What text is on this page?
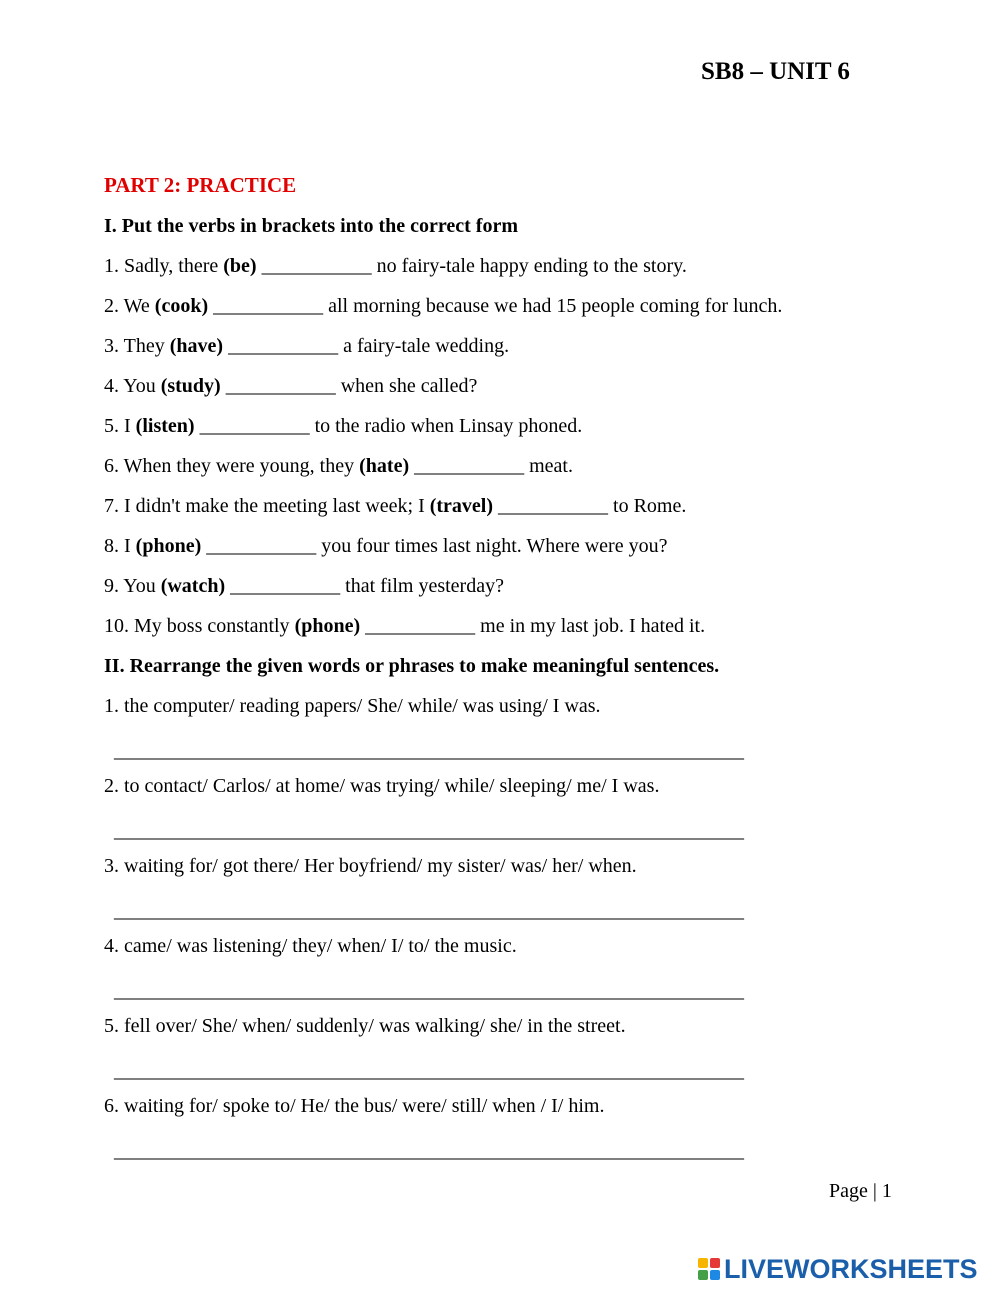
SB8 – UNIT 6
PART 2: PRACTICE
I. Put the verbs in brackets into the correct form
1. Sadly, there (be) ___________ no fairy-tale happy ending to the story.
2. We (cook) ___________ all morning because we had 15 people coming for lunch.
3. They (have) ___________ a fairy-tale wedding.
4. You (study) ___________ when she called?
5. I (listen) ___________ to the radio when Linsay phoned.
6. When they were young, they (hate) ___________ meat.
7. I didn't make the meeting last week; I (travel) ___________ to Rome.
8. I (phone) ___________ you four times last night. Where were you?
9. You (watch) ___________ that film yesterday?
10. My boss constantly (phone) ___________ me in my last job. I hated it.
II. Rearrange the given words or phrases to make meaningful sentences.
1. the computer/ reading papers/ She/ while/ was using/ I was.
_______________________________________________________________
2. to contact/ Carlos/ at home/ was trying/ while/ sleeping/ me/ I was.
_______________________________________________________________
3. waiting for/ got there/ Her boyfriend/ my sister/ was/ her/ when.
_______________________________________________________________
4. came/ was listening/ they/ when/ I/ to/ the music.
_______________________________________________________________
5. fell over/ She/ when/ suddenly/ was walking/ she/ in the street.
_______________________________________________________________
6. waiting for/ spoke to/ He/ the bus/ were/ still/ when / I/ him.
_______________________________________________________________
Page | 1
LIVEWORKSHEETS
